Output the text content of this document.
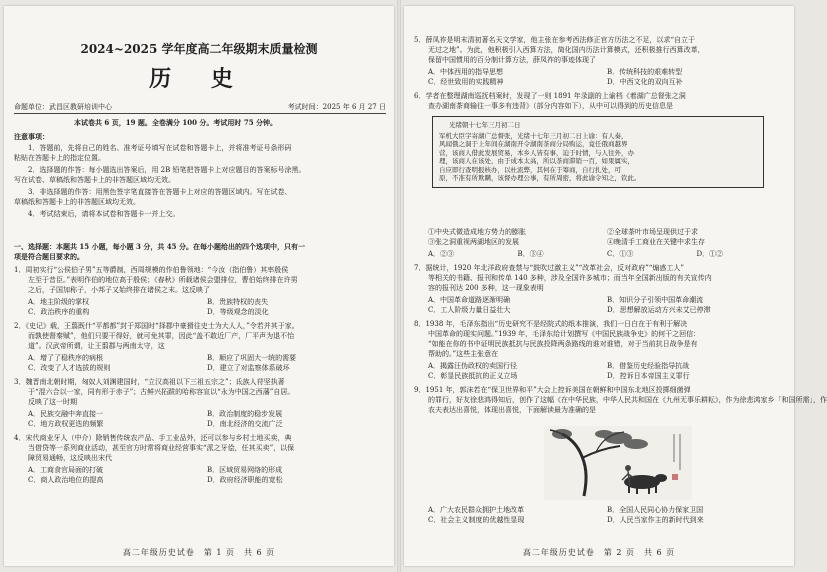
2024~2025 学年度高二年级期末质量检测
历 史
命题单位：武昌区教研培训中心	考试时间：2025 年 6 月 27 日
本试卷共 6 页，19 题。全卷满分 100 分。考试用时 75 分钟。
注意事项：
1．答题前，先将自己的姓名、准考证号填写在试卷和答题卡上，并将准考证号条形码
粘贴在答题卡上的指定位置。
2．选择题的作答：每小题选出答案后，用 2B 铅笔把答题卡上对应题目的答案标号涂黑。
写在试卷、草稿纸和答题卡上的非答题区域均无效。
3．非选择题的作答：用黑色签字笔直接答在答题卡上对应的答题区域内。写在试卷、
草稿纸和答题卡上的非答题区域均无效。
4．考试结束后，请将本试卷和答题卡一并上交。
一、选择题：本题共 15 小题，每小题 3 分，共 45 分。在每小题给出的四个选项中，只有一
项是符合题目要求的。
1．周初实行“公侯伯子男”五等爵制，西周规模的作伯鲁领地：“今汝（指伯鲁）其率殷侯
左至于昔臣。”表明作伯的地位高于殷侯；《春秋》所载诸侯会盟排位，曹伯始终排在许男
之后，子国加称子，小邦子又始终排在诸侯之末。这反映了
A．地主阶级的掌权	B．贵族特权的丧失
C．政治秩序的重构	D．等级观念的淡化
2．《史记》载，王翦既什“平都都”封于郑国时“择郡中豪猾往史士为大人人，”令若并其于家。
而孰使督秦赋”，他们只要干得好，就可免其罪，因此“盖不敢近厂产，厂平声为退不怡
道”。汉武帝所谓，让王翦郡与两南太守，这
A．增了了稳秩序的病根	B．顺应了巩固大一统的需要
C．改变了人才选拔的规则	D．建立了对监察体系破坏
3．魏晋南北朝时期，匈奴人刘渊建国时，“立汉高祖以下三祖五宗之”；氐族人苻坚执著
于“混六合以一家，同有形于赤子”；古鲜兴拓跋的哈称容宣以“永为中国之西藩”自居。
反映了这一时期
A．民族交融中奔直接一	B．政治制度的稳步发展
C．地方政权更迭的频繁	D．南北经济的交流广泛
4．宋代商业牙人（中介）除销售传统农产品、手工业品外，还可以参与乡村土地买卖，典
当借贷等一系列商业活动，甚至官方时常将商业经营事实“派之牙侩，任其买卖”，以保
障贸易通畅，这反映出宋代
A．工商食官局面的打破	B．区域贸易网络的形成
C．商人政治地位的提高	D．政府经济职能的宽松
高二年级历史试卷　第 1 页　共 6 页
5．薛凤祚是明末清初著名天文学家，他主张在参考西法修正官方历法之不足，以求“自立于
无过之地”。为此，他积极引入西算方法，简化国内历法计算模式，还积极推行西算改革，
保留中国惯用的百分制计算方法，薛凤祚的事迹体现了
A．中体西用的指导思想	B．传统科技的艰难转型
C．经世致用的实践精神	D．中西文化的双向互补
6．学者在整理湖南巡抚档案时，发现了一则 1891 年录副的上谕档《着湖广总督张之洞
查办湖南茶商输往一事多有违背》（部分内容如下），从中可以得到的历史信息是
光绪朝十七年三月初二日
军机大臣字寄湖广总督张，光绪十七年三月初二日上谕：有人奏，
风闻俄之洞于上年间在湖南开令湖南茶商分局购运，竟任俄商越界
营，该商人借此发展贸易，本乡人皆有事，迫于时情，与人往外，办
理，该商人在该处，由于成本太高，所以茶商滞销一百，如果属实，
自应即行查明报核办，以杜流弊，其何在于筹商，自行扎处，可
原，不准有所欺瞒，该督办理公事，有所周密，将此谕令知之，钦此。
①中央式微造成地方势力的膨胀	②全球茶叶市场呈现供过于求
③张之洞重视两湖地区的发展	④晚清手工商业在关键中求生存
A．②③	B．③④	C．①③	D．①②
7．据统计，1920 年北洋政府查禁与“鼓吹过激主义”“改革社会，反对政府”“煽惑工人”
等相关的书籍、报刊和传单 140 多种，涉及全国许多城市；而当年全国新出版的有关宣传内
容的报刊达 200 多种，这一现象表明
A．中国革命道路逐渐明确	B．知识分子引领中国革命潮流
C．工人阶级力量日益壮大	D．思想解放运动方兴未艾已停滞
8．1938 年，毛泽东指出“历史研究不是经院式的纸本推演，我们一日白在于有利于解决
中国革命的现实问题。”1939 年，毛泽东给计划撰写《中国民族战争史》的何干之回信：
“如能在你的书中证明民族抵抗与民族投降两条路线的谁对谁错，对于当前抗日战争是有
帮助的。”这些主张意在
A．揭露汪伪政权的卖国行径	B．借鉴历史经验指导抗战
C．彰显民族抵抗的正义立场	D．控诉日本帝国主义罪行
9．1951 年，郭沫若在“保卫世界和平”大会上控诉美国在朝鲜和中国东北地区投掷细菌弹
的罪行，好友徐悲鸿得知后，创作了这幅《在中华民族，中华人民共和国在《九州无事乐耕耘》，作为徐悲鸿家乡「和国所需」，作
农夫表达出喜悦，体现出喜悦，下面解读最为准确的是
A．广大农民群众拥护土地改革	B．全国人民同心协力保家卫国
C．社会主义制度的优越性显现	D．人民当家作主的新时代到来
高二年级历史试卷　第 2 页　共 6 页
